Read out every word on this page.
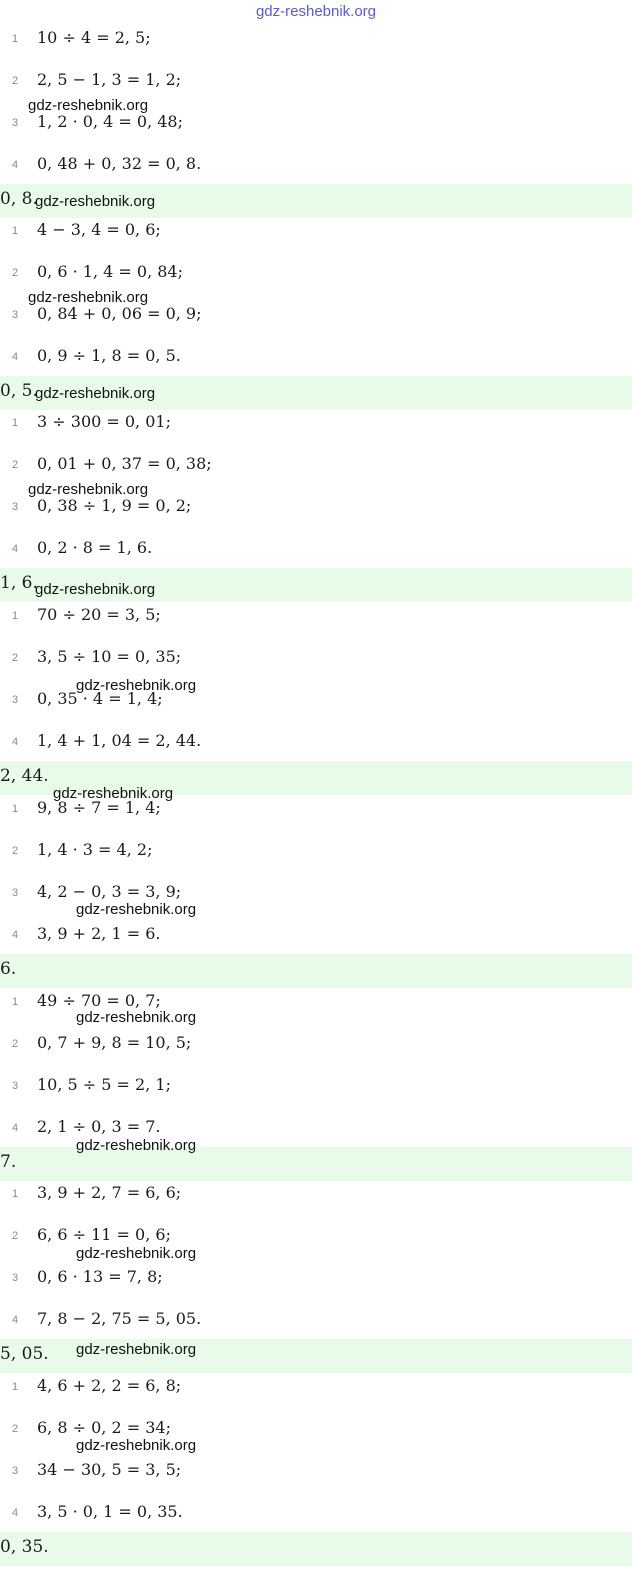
gdz-reshebnik.org
1 10 ÷ 4 = 2, 5;
2 2, 5 − 1, 3 = 1, 2;
3 1, 2 · 0, 4 = 0, 48;
4 0, 48 + 0, 32 = 0, 8.
0, 8.
1 4 − 3, 4 = 0, 6;
2 0, 6 · 1, 4 = 0, 84;
3 0, 84 + 0, 06 = 0, 9;
4 0, 9 ÷ 1, 8 = 0, 5.
0, 5.
1 3 ÷ 300 = 0, 01;
2 0, 01 + 0, 37 = 0, 38;
3 0, 38 ÷ 1, 9 = 0, 2;
4 0, 2 · 8 = 1, 6.
1, 6.
1 70 ÷ 20 = 3, 5;
2 3, 5 ÷ 10 = 0, 35;
3 0, 35 · 4 = 1, 4;
4 1, 4 + 1, 04 = 2, 44.
2, 44.
1 9, 8 ÷ 7 = 1, 4;
2 1, 4 · 3 = 4, 2;
3 4, 2 − 0, 3 = 3, 9;
4 3, 9 + 2, 1 = 6.
6.
1 49 ÷ 70 = 0, 7;
2 0, 7 + 9, 8 = 10, 5;
3 10, 5 ÷ 5 = 2, 1;
4 2, 1 ÷ 0, 3 = 7.
7.
1 3, 9 + 2, 7 = 6, 6;
2 6, 6 ÷ 11 = 0, 6;
3 0, 6 · 13 = 7, 8;
4 7, 8 − 2, 75 = 5, 05.
5, 05.
1 4, 6 + 2, 2 = 6, 8;
2 6, 8 ÷ 0, 2 = 34;
3 34 − 30, 5 = 3, 5;
4 3, 5 · 0, 1 = 0, 35.
0, 35.
gdz-reshebnik.org
gdz-reshebnik.org
gdz-reshebnik.org
gdz-reshebnik.org
gdz-reshebnik.org
gdz-reshebnik.org
gdz-reshebnik.org
gdz-reshebnik.org
gdz-reshebnik.org
gdz-reshebnik.org
gdz-reshebnik.org
gdz-reshebnik.org
gdz-reshebnik.org
gdz-reshebnik.org
